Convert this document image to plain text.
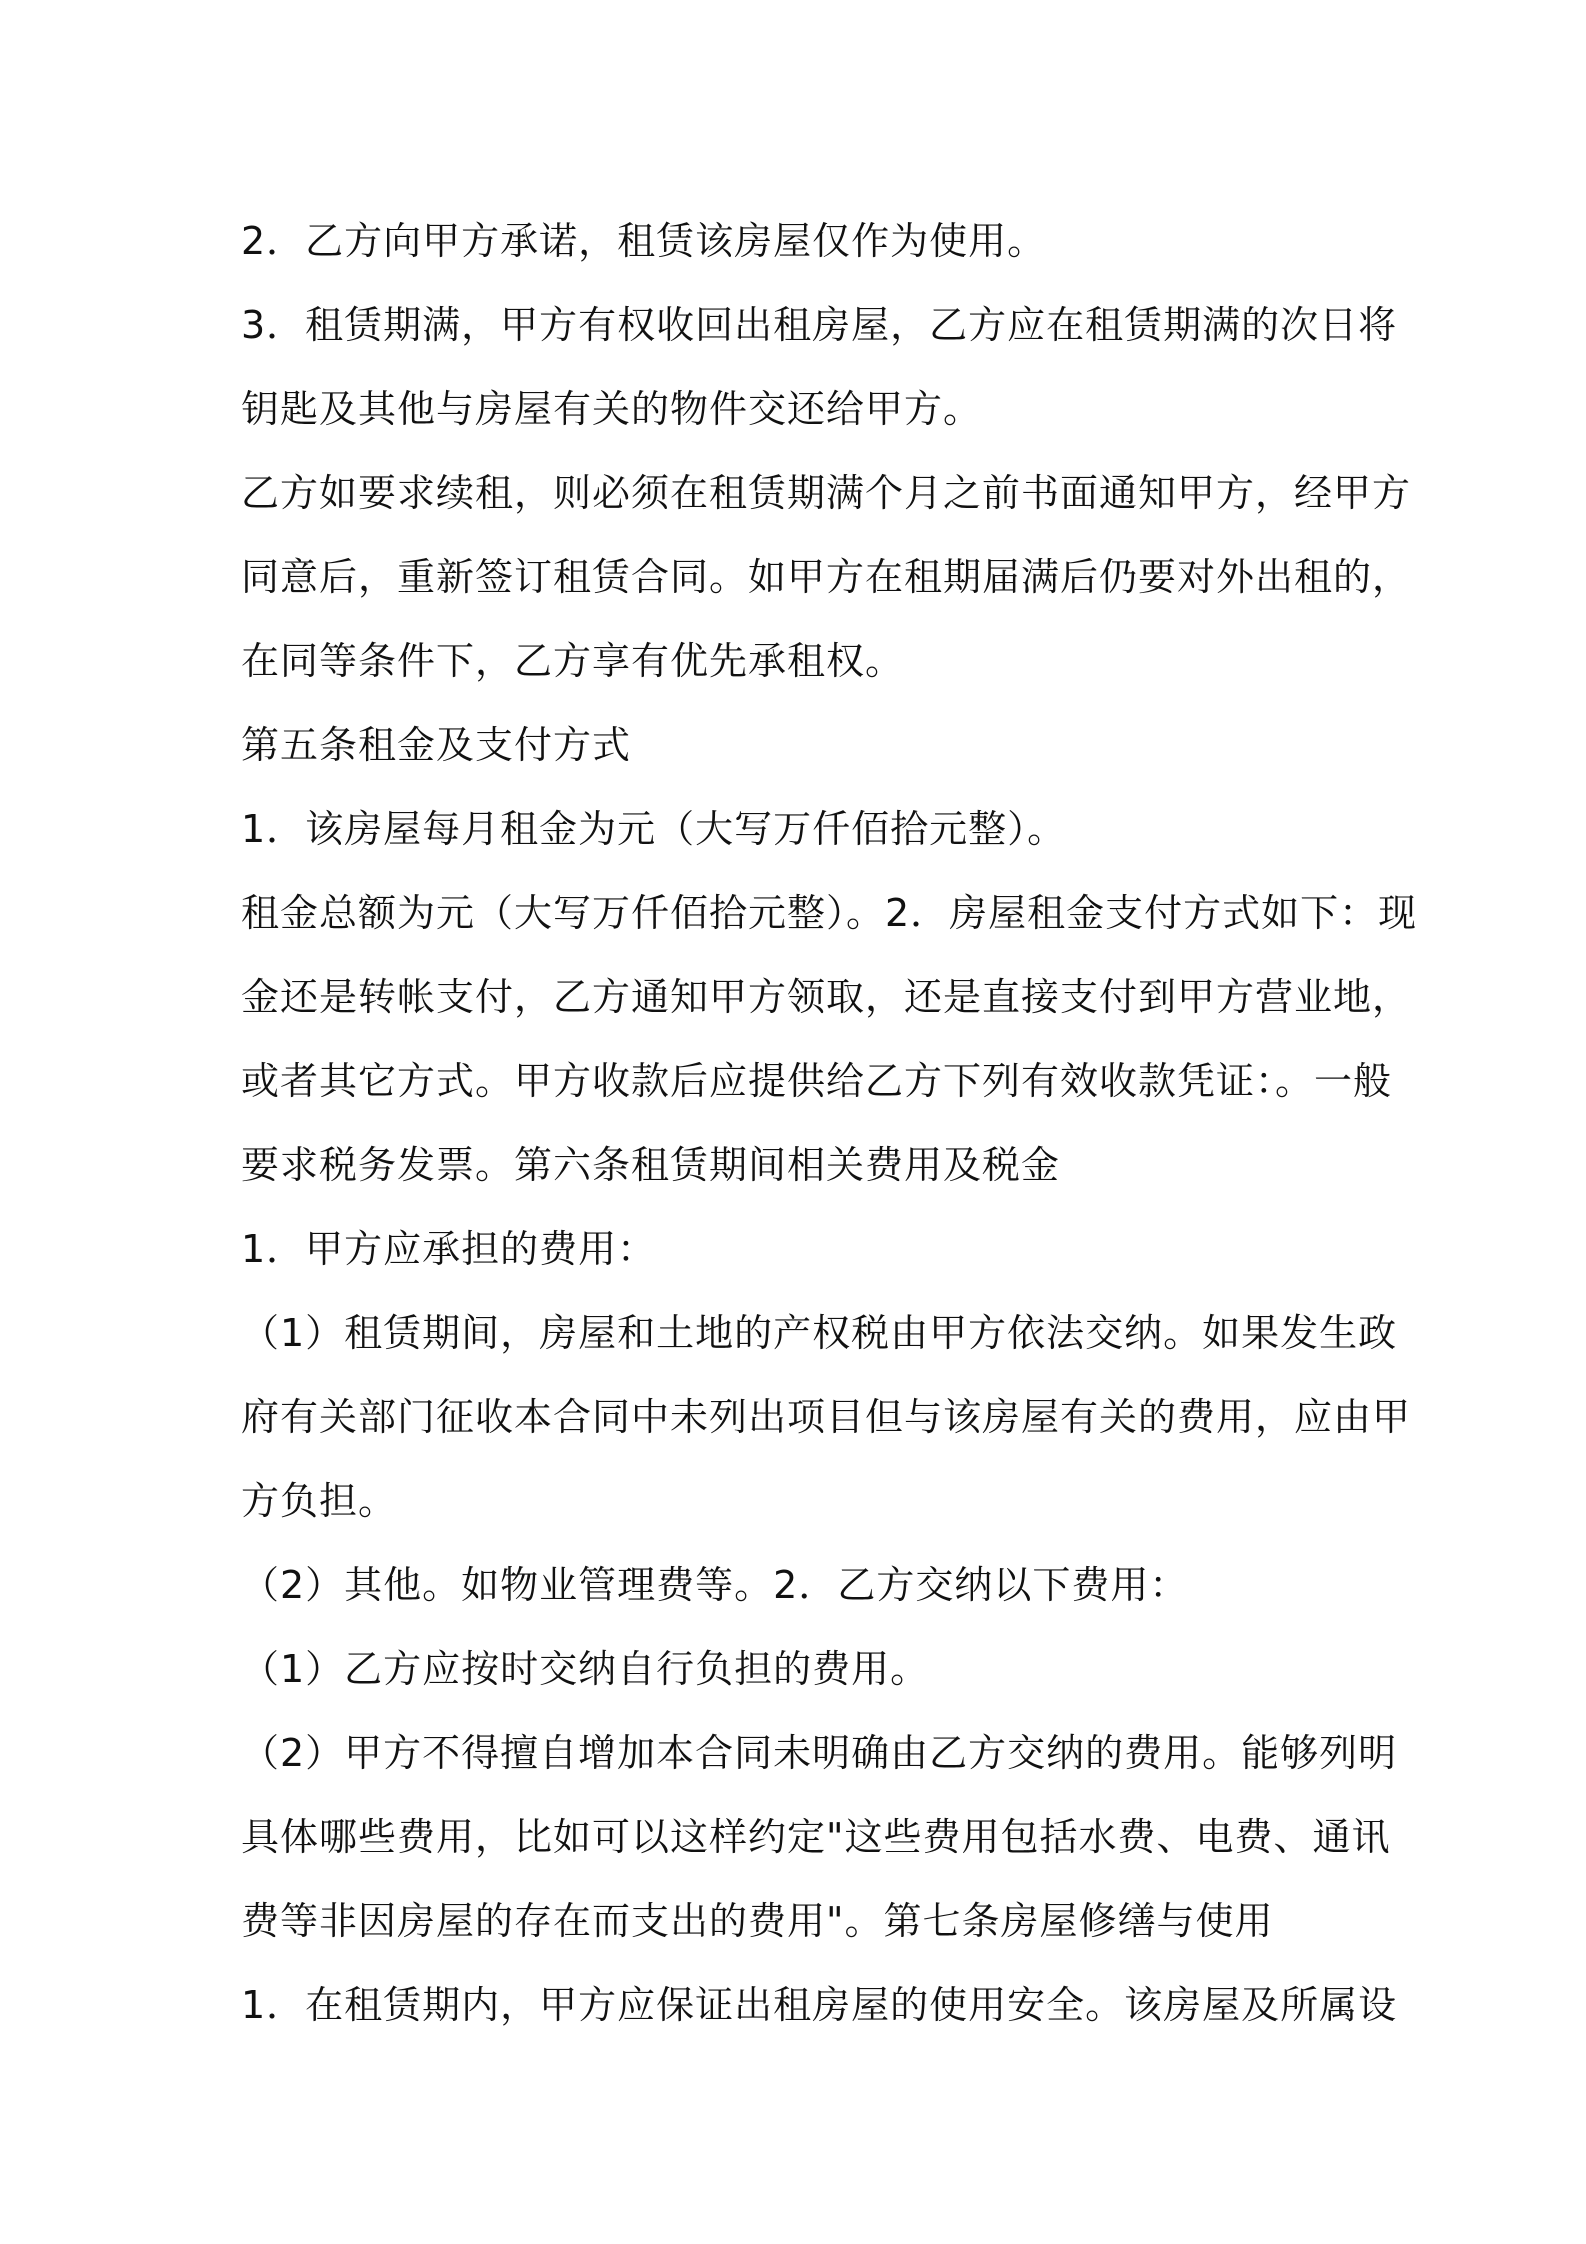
2．乙方向甲方承诺，租赁该房屋仅作为使用。
3．租赁期满，甲方有权收回出租房屋，乙方应在租赁期满的次日将
钥匙及其他与房屋有关的物件交还给甲方。
乙方如要求续租，则必须在租赁期满个月之前书面通知甲方，经甲方
同意后，重新签订租赁合同。如甲方在租期届满后仍要对外出租的，
在同等条件下，乙方享有优先承租权。
第五条租金及支付方式
1．该房屋每月租金为元（大写万仟佰拾元整）。
租金总额为元（大写万仟佰拾元整）。2．房屋租金支付方式如下：现
金还是转帐支付，乙方通知甲方领取，还是直接支付到甲方营业地，
或者其它方式。甲方收款后应提供给乙方下列有效收款凭证：。一般
要求税务发票。第六条租赁期间相关费用及税金
1．甲方应承担的费用：
（1）租赁期间，房屋和土地的产权税由甲方依法交纳。如果发生政
府有关部门征收本合同中未列出项目但与该房屋有关的费用，应由甲
方负担。
（2）其他。如物业管理费等。2．乙方交纳以下费用：
（1）乙方应按时交纳自行负担的费用。
（2）甲方不得擅自增加本合同未明确由乙方交纳的费用。能够列明
具体哪些费用，比如可以这样约定"这些费用包括水费、电费、通讯
费等非因房屋的存在而支出的费用"。第七条房屋修缮与使用
1．在租赁期内，甲方应保证出租房屋的使用安全。该房屋及所属设
